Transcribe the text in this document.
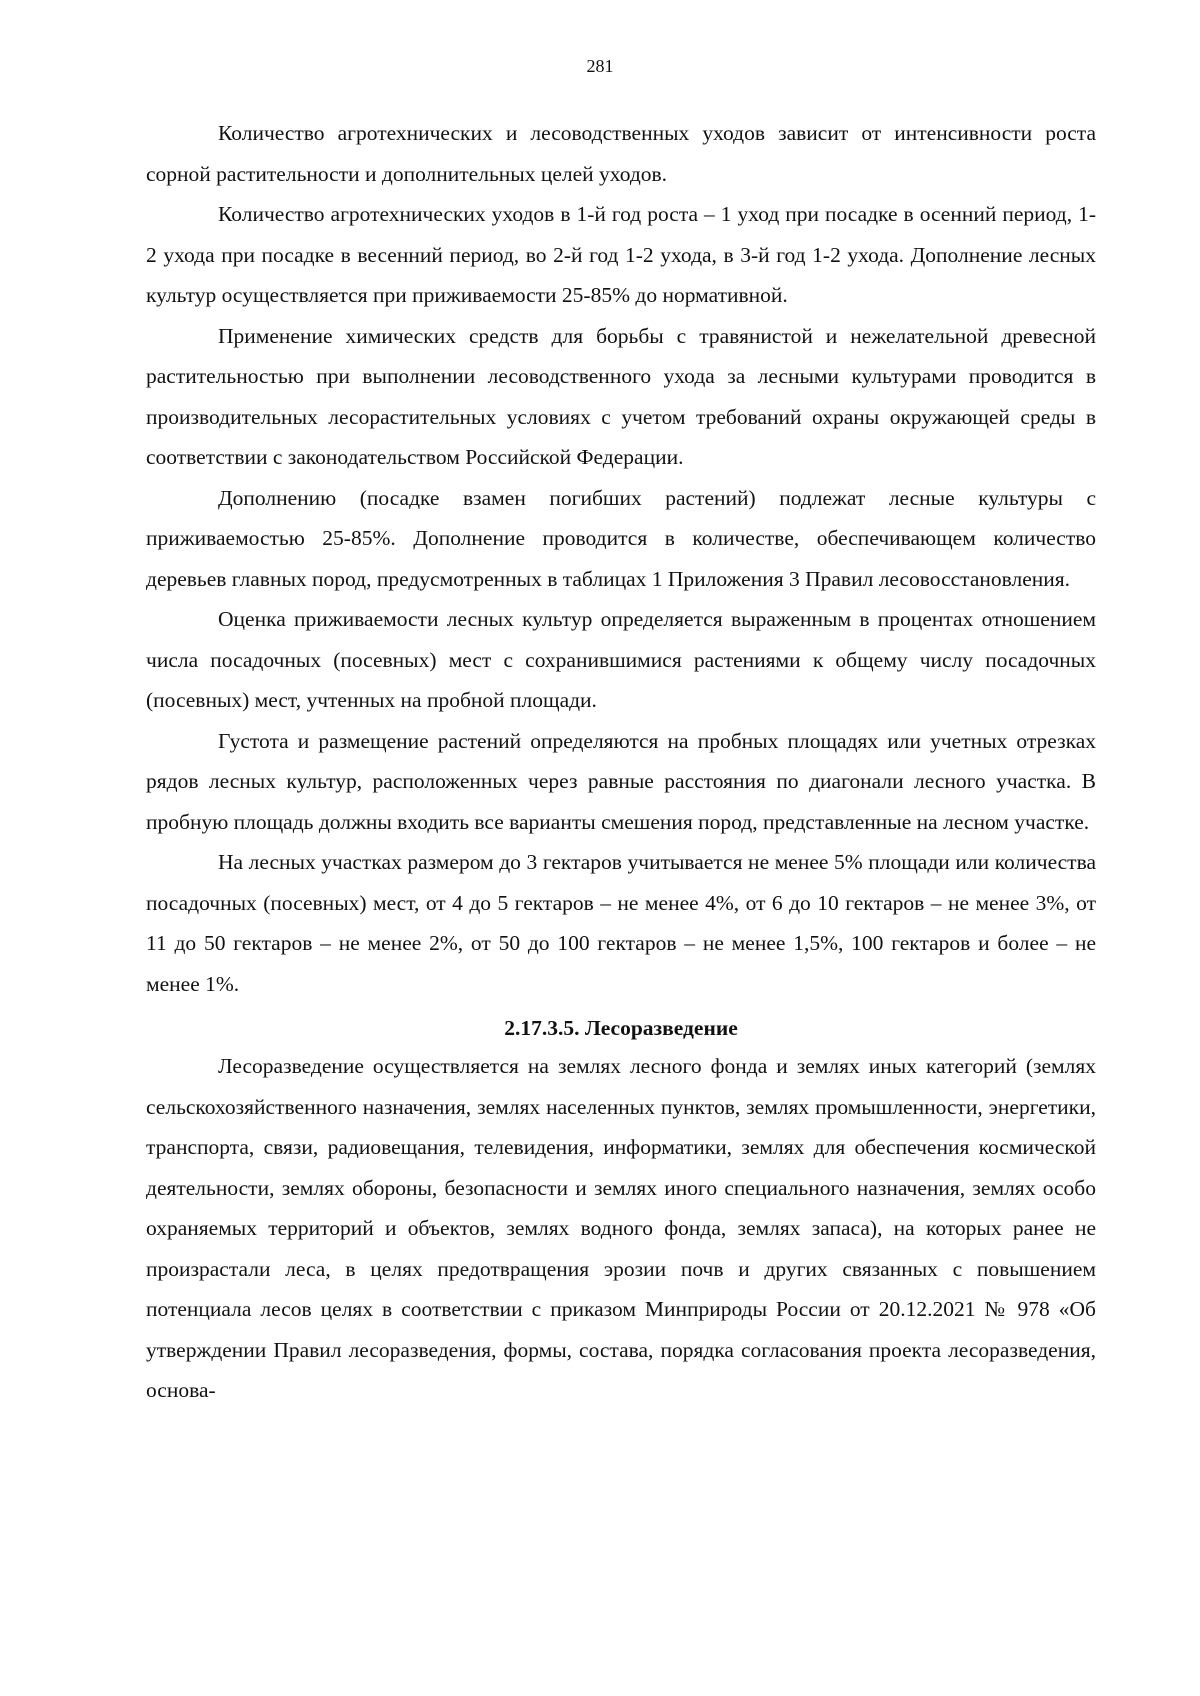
281

Количество агротехнических и лесоводственных уходов зависит от интенсивности роста сорной растительности и дополнительных целей уходов.

Количество агротехнических уходов в 1-й год роста – 1 уход при посадке в осенний период, 1-2 ухода при посадке в весенний период, во 2-й год 1-2 ухода, в 3-й год 1-2 ухода. Дополнение лесных культур осуществляется при приживаемости 25-85% до нормативной.

Применение химических средств для борьбы с травянистой и нежелательной древесной растительностью при выполнении лесоводственного ухода за лесными культурами проводится в производительных лесорастительных условиях с учетом требований охраны окружающей среды в соответствии с законодательством Российской Федерации.

Дополнению (посадке взамен погибших растений) подлежат лесные культуры с приживаемостью 25-85%. Дополнение проводится в количестве, обеспечивающем количество деревьев главных пород, предусмотренных в таблицах 1 Приложения 3 Правил лесовосстановления.

Оценка приживаемости лесных культур определяется выраженным в процентах отношением числа посадочных (посевных) мест с сохранившимися растениями к общему числу посадочных (посевных) мест, учтенных на пробной площади.

Густота и размещение растений определяются на пробных площадях или учетных отрезках рядов лесных культур, расположенных через равные расстояния по диагонали лесного участка. В пробную площадь должны входить все варианты смешения пород, представленные на лесном участке.

На лесных участках размером до 3 гектаров учитывается не менее 5% площади или количества посадочных (посевных) мест, от 4 до 5 гектаров – не менее 4%, от 6 до 10 гектаров – не менее 3%, от 11 до 50 гектаров – не менее 2%, от 50 до 100 гектаров – не менее 1,5%, 100 гектаров и более – не менее 1%.

2.17.3.5. Лесоразведение

Лесоразведение осуществляется на землях лесного фонда и землях иных категорий (землях сельскохозяйственного назначения, землях населенных пунктов, землях промышленности, энергетики, транспорта, связи, радиовещания, телевидения, информатики, землях для обеспечения космической деятельности, землях обороны, безопасности и землях иного специального назначения, землях особо охраняемых территорий и объектов, землях водного фонда, землях запаса), на которых ранее не произрастали леса, в целях предотвращения эрозии почв и других связанных с повышением потенциала лесов целях в соответствии с приказом Минприроды России от 20.12.2021 № 978 «Об утверждении Правил лесоразведения, формы, состава, порядка согласования проекта лесоразведения, основа-
